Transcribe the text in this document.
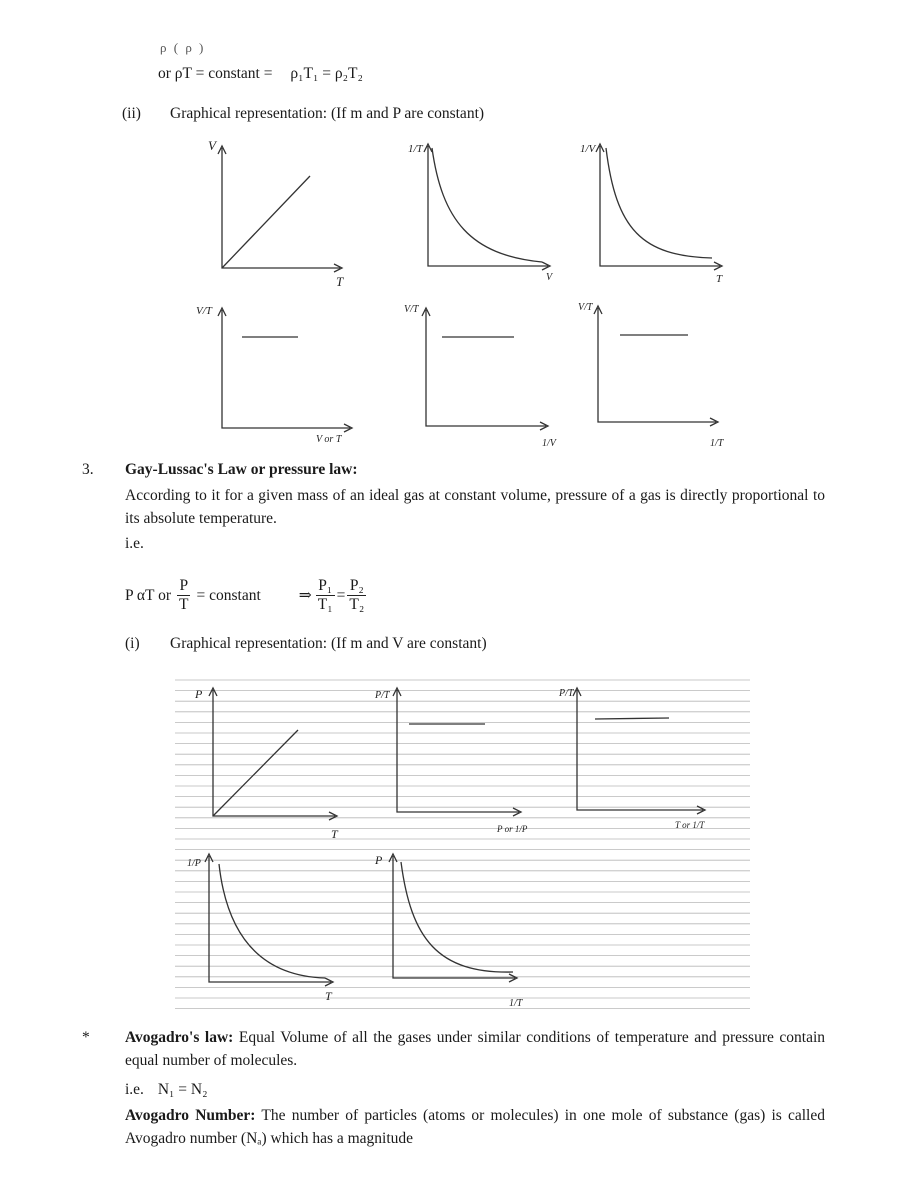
ρ ( ρ )
or ρT = constant = ρ₁T₁ = ρ₂T₂
(ii) Graphical representation: (If m and P are constant)
V
T
1/T
V
1/V
T
V/T
V or T
V/T
1/V
V/T
1/T
3. Gay-Lussac's Law or pressure law:
According to it for a given mass of an ideal gas at constant volume, pressure of a gas is directly proportional to its absolute temperature.
i.e.
P αT or $\frac{P}{T}$ = constant ⇒ $\frac{\text{P₁}}{\text{T₁}} = \frac{\text{P₂}}{\text{T₂}}$
(i) Graphical representation: (If m and V are constant)
P
T
P/T
P or 1/P
P/T
T or 1/T
1/P
T
P
1/T
* Avogadro's law: Equal Volume of all the gases under similar conditions of temperature and pressure contain equal number of molecules.
i.e. N₁ = N₂
Avogadro Number: The number of particles (atoms or molecules) in one mole of substance (gas) is called Avogadro number (Nₐ) which has a magnitude
